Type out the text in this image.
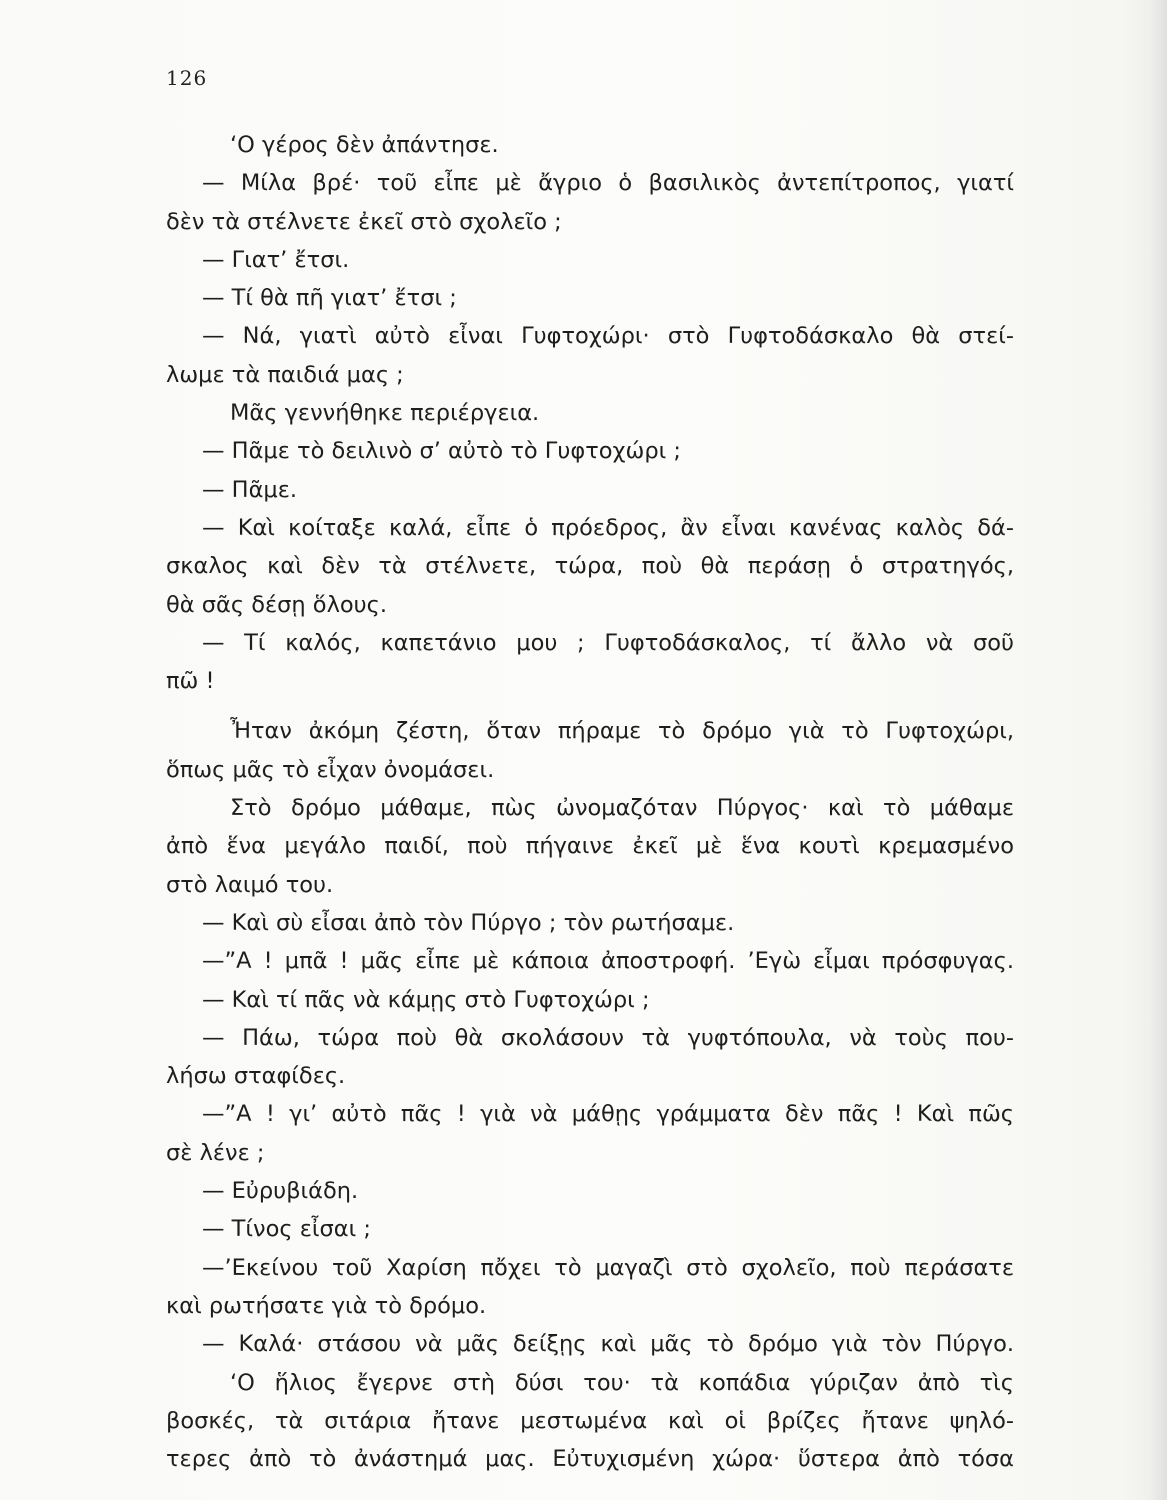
126
‘Ο γέρος δὲν ἀπάντησε.
— Μίλα βρέ· τοῦ εἶπε μὲ ἄγριο ὁ βασιλικὸς ἀντεπίτροπος, γιατί
δὲν τὰ στέλνετε ἐκεῖ στὸ σχολεῖο ;
— Γιατ’ ἔτσι.
— Τί θὰ πῆ γιατ’ ἔτσι ;
— Νά, γιατὶ αὐτὸ εἶναι Γυφτοχώρι· στὸ Γυφτοδάσκαλο θὰ στεί-
λωμε τὰ παιδιά μας ;
Μᾶς γεννήθηκε περιέργεια.
— Πᾶμε τὸ δειλινὸ σ’ αὐτὸ τὸ Γυφτοχώρι ;
— Πᾶμε.
— Καὶ κοίταξε καλά, εἶπε ὁ πρόεδρος, ἂν εἶναι κανένας καλὸς δά-
σκαλος καὶ δὲν τὰ στέλνετε, τώρα, ποὺ θὰ περάσῃ ὁ στρατηγός,
θὰ σᾶς δέσῃ ὅλους.
— Τί καλός, καπετάνιο μου ; Γυφτοδάσκαλος, τί ἄλλο νὰ σοῦ
πῶ !
Ἦταν ἀκόμη ζέστη, ὅταν πήραμε τὸ δρόμο γιὰ τὸ Γυφτοχώρι,
ὅπως μᾶς τὸ εἶχαν ὀνομάσει.
Στὸ δρόμο μάθαμε, πὼς ὠνομαζόταν Πύργος· καὶ τὸ μάθαμε
ἀπὸ ἕνα μεγάλο παιδί, ποὺ πήγαινε ἐκεῖ μὲ ἕνα κουτὶ κρεμασμένο
στὸ λαιμό του.
— Καὶ σὺ εἶσαι ἀπὸ τὸν Πύργο ; τὸν ρωτήσαμε.
—”Α ! μπᾶ ! μᾶς εἶπε μὲ κάποια ἀποστροφή. ’Εγὼ εἶμαι πρόσφυγας.
— Καὶ τί πᾶς νὰ κάμῃς στὸ Γυφτοχώρι ;
— Πάω, τώρα ποὺ θὰ σκολάσουν τὰ γυφτόπουλα, νὰ τοὺς που-
λήσω σταφίδες.
—”Α ! γι’ αὐτὸ πᾶς ! γιὰ νὰ μάθῃς γράμματα δὲν πᾶς ! Καὶ πῶς
σὲ λένε ;
— Εὐρυβιάδη.
— Τίνος εἶσαι ;
—’Εκείνου τοῦ Χαρίση πὄχει τὸ μαγαζὶ στὸ σχολεῖο, ποὺ περάσατε
καὶ ρωτήσατε γιὰ τὸ δρόμο.
— Καλά· στάσου νὰ μᾶς δείξῃς καὶ μᾶς τὸ δρόμο γιὰ τὸν Πύργο.
‘Ο ἥλιος ἔγερνε στὴ δύσι του· τὰ κοπάδια γύριζαν ἀπὸ τὶς
βοσκές, τὰ σιτάρια ἤτανε μεστωμένα καὶ οἱ βρίζες ἤτανε ψηλό-
τερες ἀπὸ τὸ ἀνάστημά μας. Εὐτυχισμένη χώρα· ὕστερα ἀπὸ τόσα
